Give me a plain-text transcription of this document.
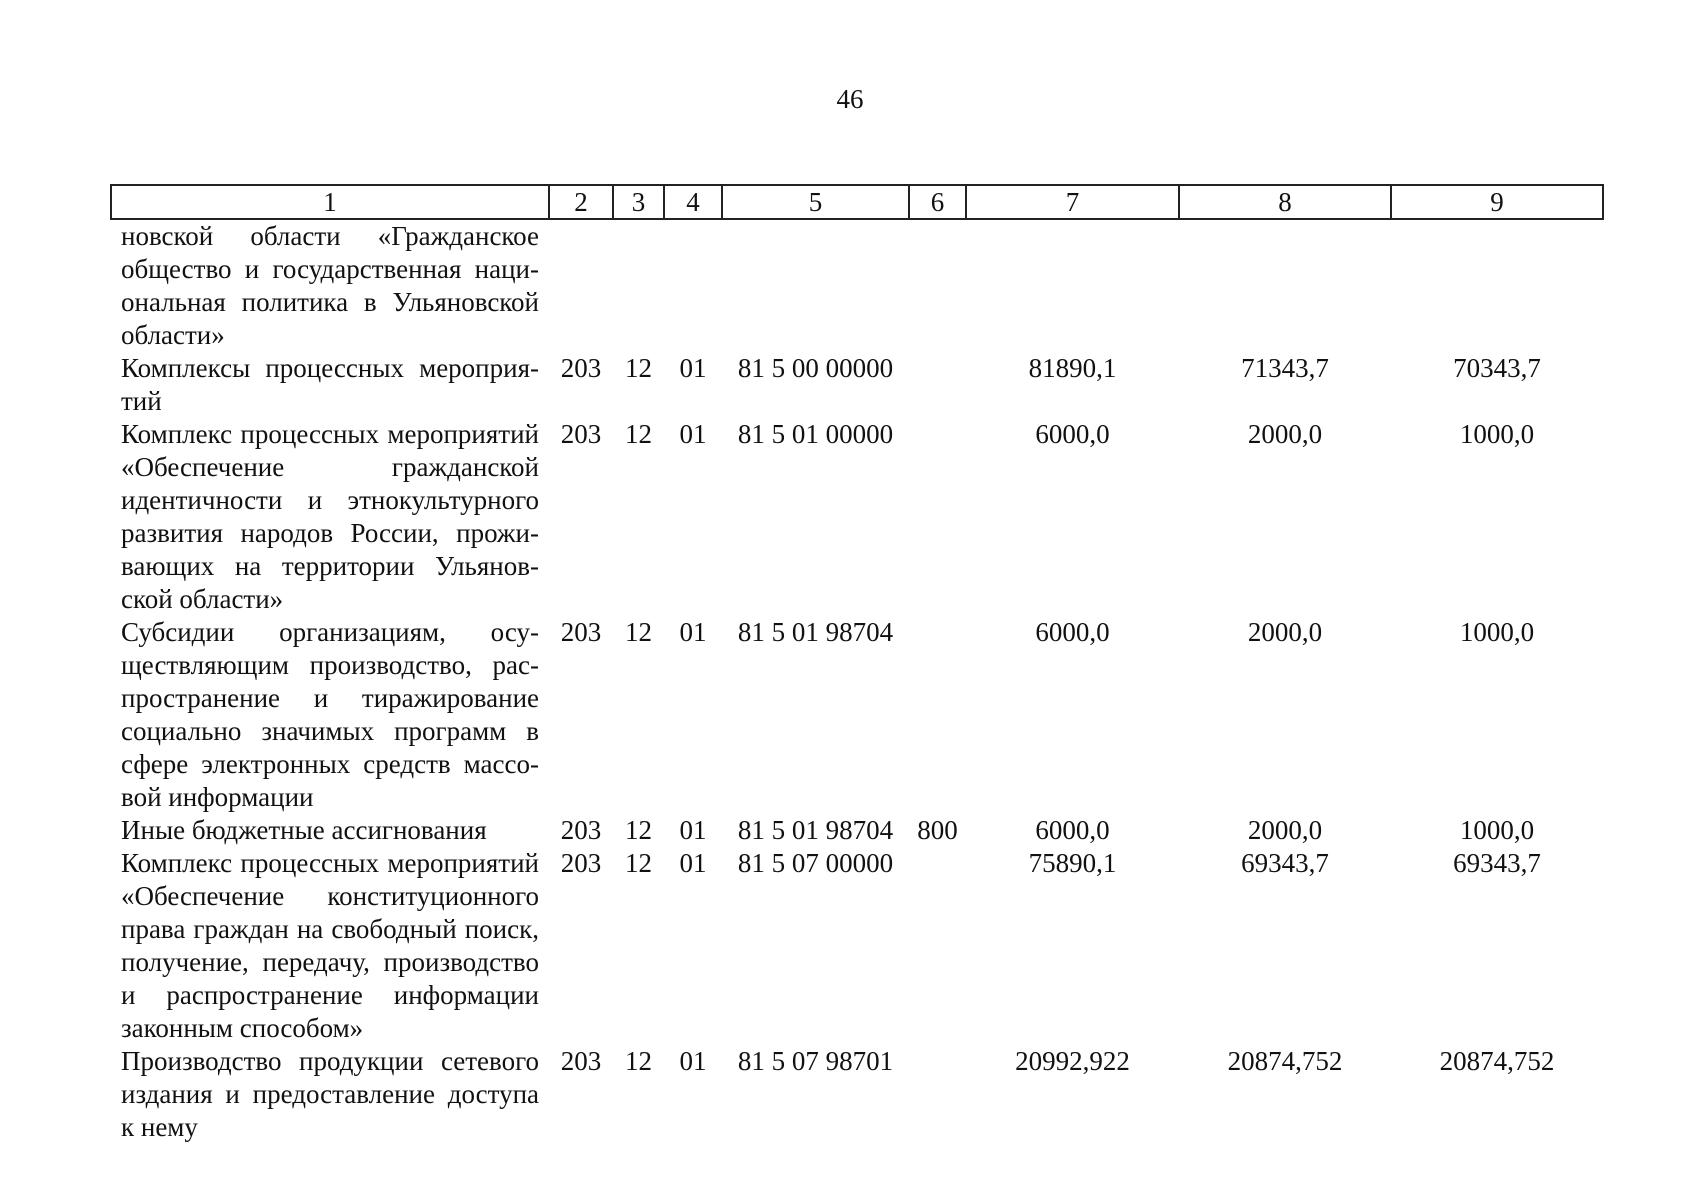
46
1	2	3	4	5	6	7	8	9
новской области «Гражданское общество и государственная национальная политика в Ульяновской области»								
Комплексы процессных мероприятий	203	12	01	81 5 00 00000		81890,1	71343,7	70343,7
Комплекс процессных мероприятий «Обеспечение гражданской идентичности и этнокультурного развития народов России, проживающих на территории Ульяновской области»	203	12	01	81 5 01 00000		6000,0	2000,0	1000,0
Субсидии организациям, осуществляющим производство, распространение и тиражирование социально значимых программ в сфере электронных средств массовой информации	203	12	01	81 5 01 98704		6000,0	2000,0	1000,0
Иные бюджетные ассигнования	203	12	01	81 5 01 98704	800	6000,0	2000,0	1000,0
Комплекс процессных мероприятий «Обеспечение конституционного права граждан на свободный поиск, получение, передачу, производство и распространение информации законным способом»	203	12	01	81 5 07 00000		75890,1	69343,7	69343,7
Производство продукции сетевого издания и предоставление доступа к нему	203	12	01	81 5 07 98701		20992,922	20874,752	20874,752
